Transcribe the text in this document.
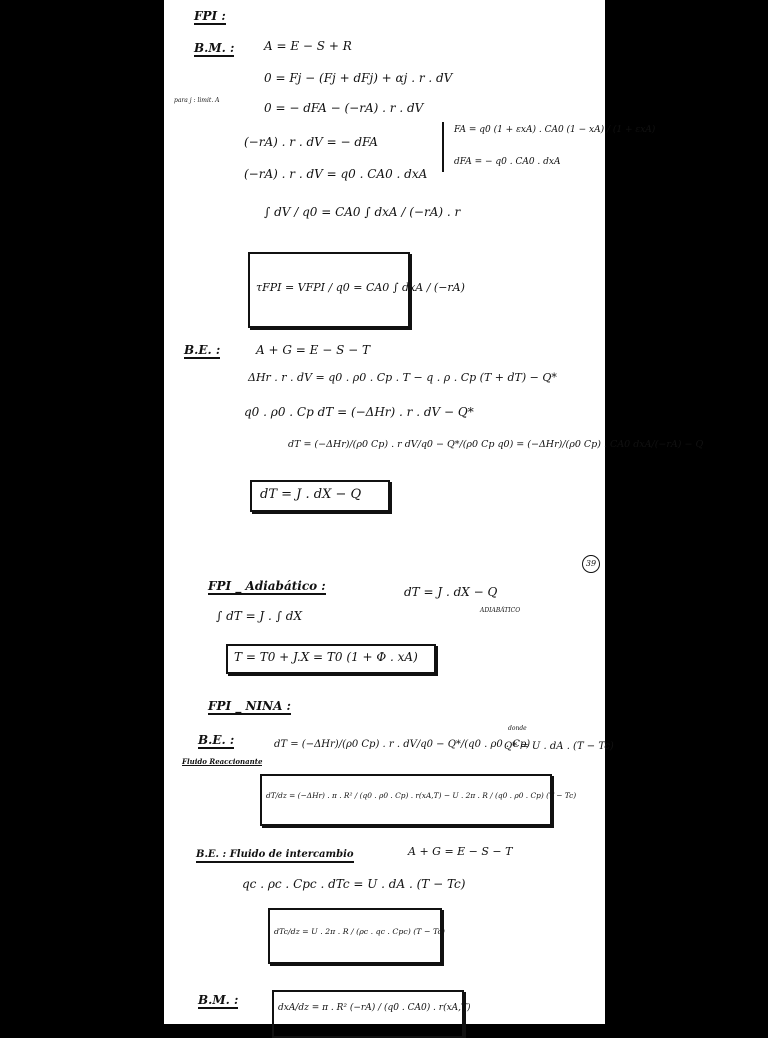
FPI :
B.M. : A = E − S + R
0 = Fj − (Fj + dFj) + αj . r . dV
para j : limit. A
0 = − dFA − (−rA) . r . dV
(−rA) . r . dV = − dFA
(−rA) . r . dV = q0 . CA0 . dxA
FA = q0 (1 + εxA) . CA0 (1 − xA) / (1 + εxA)
dFA = − q0 . CA0 . dxA
∫ dV / q0 = CA0 ∫ dxA / (−rA) . r
τFPI = VFPI / q0 = CA0 ∫ dxA / (−rA)
B.E. :	A + G = E − S − T
ΔHr . r . dV = q0 . ρ0 . Cp . T − q . ρ . Cp (T + dT) − Q*
q0 . ρ0 . Cp dT = (−ΔHr) . r . dV − Q*
dT = (−ΔHr)/(ρ0 Cp) . r dV/q0 − Q*/(ρ0 Cp q0) = (−ΔHr)/(ρ0 Cp) . CA0 dxA/(−rA) − Q
dT = J . dX − Q
39
FPI _ Adiabático :	dT = J . dX − Q
ADIABÁTICO
∫ dT = J . ∫ dX
T = T0 + J.X = T0 (1 + Φ . xA)
FPI _ NINA :
B.E. :	dT = (−ΔHr)/(ρ0 Cp) . r . dV/q0 − Q*/(q0 . ρ0 . Cp)
donde
Q* = U . dA . (T − Tc)
Fluido Reaccionante
dT/dz = (−ΔHr) . π . R² / (q0 . ρ0 . Cp) . r(xA,T) − U . 2π . R / (q0 . ρ0 . Cp) (T − Tc)
B.E. : Fluido de intercambio	A + G = E − S − T
qc . ρc . Cpc . dTc = U . dA . (T − Tc)
dTc/dz = U . 2π . R / (ρc . qc . Cpc) (T − Tc)
B.M. :
dxA/dz = π . R² (−rA) / (q0 . CA0) . r(xA,T)
